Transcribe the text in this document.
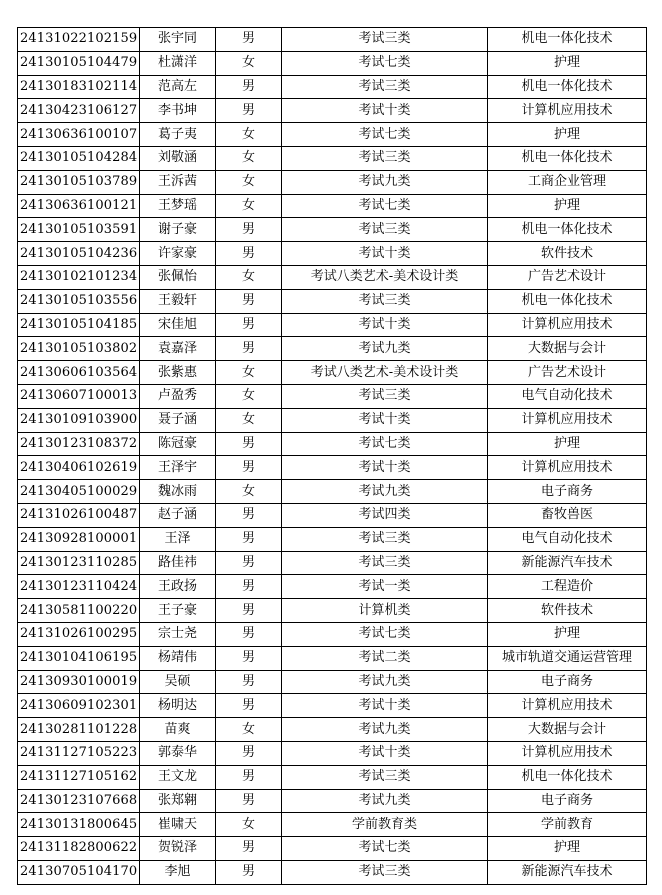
24131022102159	张宇同	男	考试三类	机电一体化技术
24130105104479	杜潇洋	女	考试七类	护理
24130183102114	范高左	男	考试三类	机电一体化技术
24130423106127	李书坤	男	考试十类	计算机应用技术
24130636100107	葛子夷	女	考试七类	护理
24130105104284	刘敬涵	女	考试三类	机电一体化技术
24130105103789	王泝茜	女	考试九类	工商企业管理
24130636100121	王梦瑶	女	考试七类	护理
24130105103591	谢子豪	男	考试三类	机电一体化技术
24130105104236	许家豪	男	考试十类	软件技术
24130102101234	张佩怡	女	考试八类艺术-美术设计类	广告艺术设计
24130105103556	王毅轩	男	考试三类	机电一体化技术
24130105104185	宋佳旭	男	考试十类	计算机应用技术
24130105103802	袁嘉泽	男	考试九类	大数据与会计
24130606103564	张紫惠	女	考试八类艺术-美术设计类	广告艺术设计
24130607100013	卢盈秀	女	考试三类	电气自动化技术
24130109103900	聂子涵	女	考试十类	计算机应用技术
24130123108372	陈冠豪	男	考试七类	护理
24130406102619	王泽宇	男	考试十类	计算机应用技术
24130405100029	魏冰雨	女	考试九类	电子商务
24131026100487	赵子涵	男	考试四类	畜牧兽医
24130928100001	王泽	男	考试三类	电气自动化技术
24130123110285	路佳祎	男	考试三类	新能源汽车技术
24130123110424	王政扬	男	考试一类	工程造价
24130581100220	王子豪	男	计算机类	软件技术
24131026100295	宗士尧	男	考试七类	护理
24130104106195	杨靖伟	男	考试二类	城市轨道交通运营管理
24130930100019	吴硕	男	考试九类	电子商务
24130609102301	杨明达	男	考试十类	计算机应用技术
24130281101228	苗爽	女	考试九类	大数据与会计
24131127105223	郭泰华	男	考试十类	计算机应用技术
24131127105162	王文龙	男	考试三类	机电一体化技术
24130123107668	张郑翱	男	考试九类	电子商务
24130131800645	崔啸天	女	学前教育类	学前教育
24131182800622	贺锐泽	男	考试七类	护理
24130705104170	李旭	男	考试三类	新能源汽车技术
